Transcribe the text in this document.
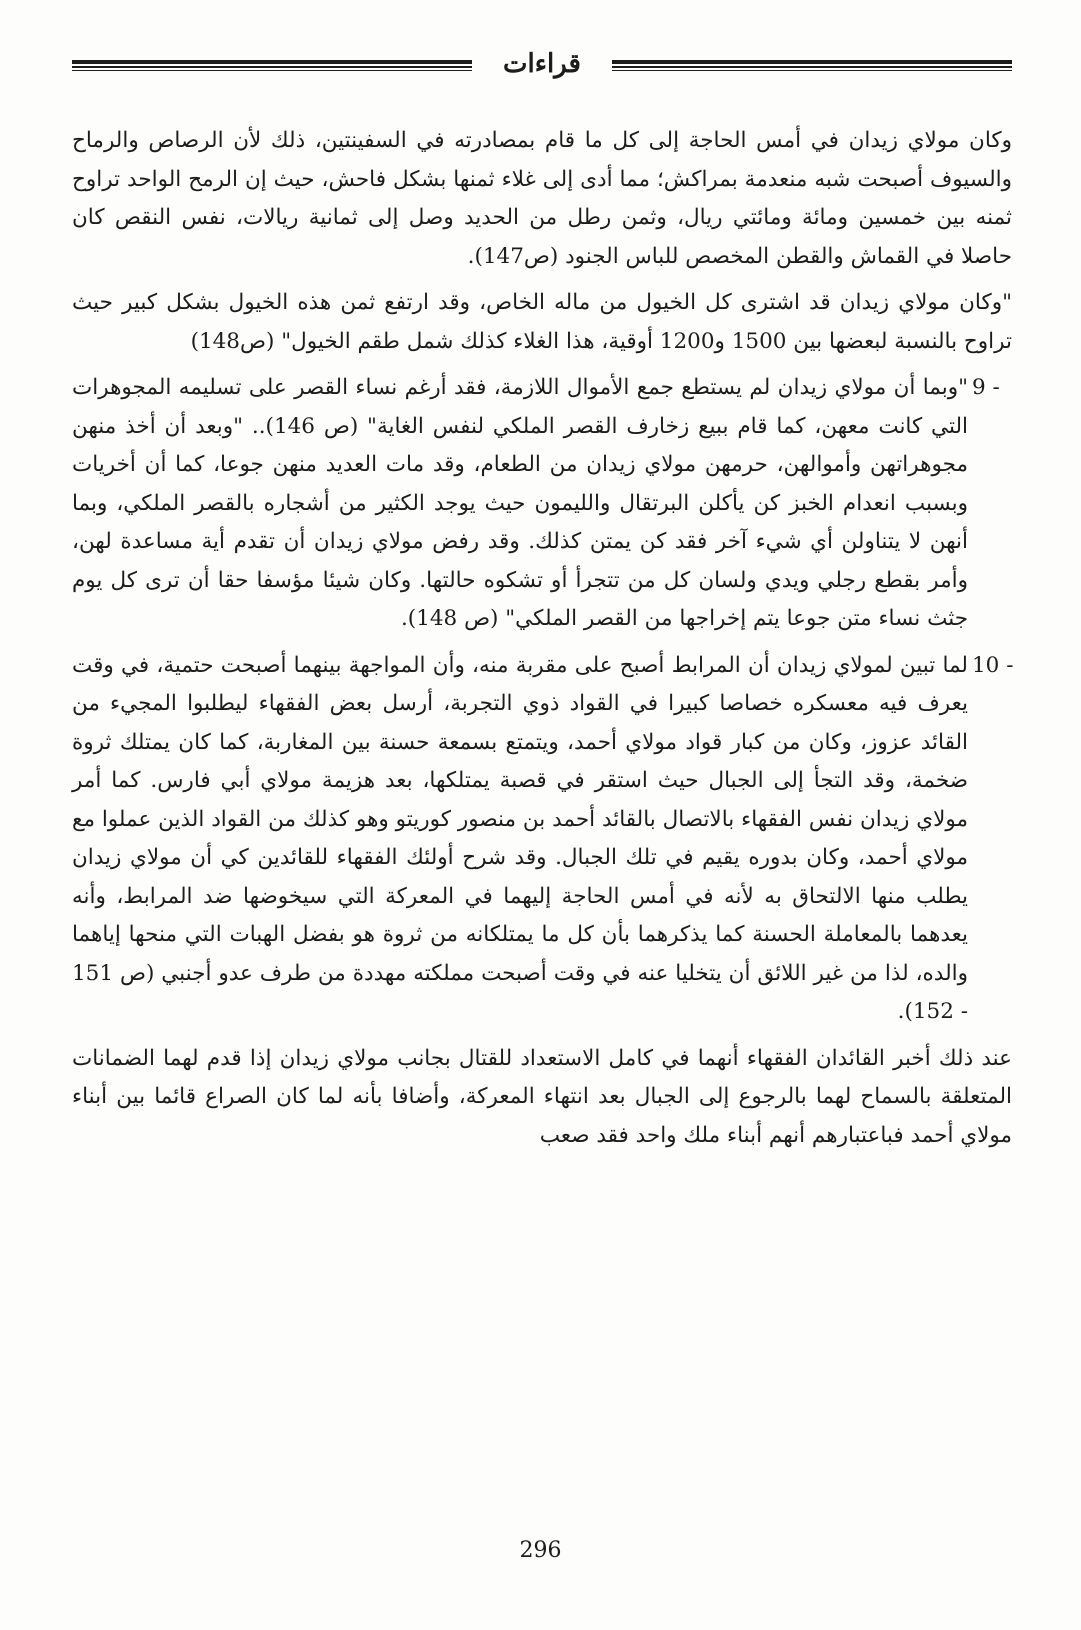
قراءات

وكان مولاي زيدان في أمس الحاجة إلى كل ما قام بمصادرته في السفينتين، ذلك لأن الرصاص والرماح والسيوف أصبحت شبه منعدمة بمراكش؛ مما أدى إلى غلاء ثمنها بشكل فاحش، حيث إن الرمح الواحد تراوح ثمنه بين خمسين ومائة ومائتي ريال، وثمن رطل من الحديد وصل إلى ثمانية ريالات، نفس النقص كان حاصلا في القماش والقطن المخصص للباس الجنود (ص147).

"وكان مولاي زيدان قد اشترى كل الخيول من ماله الخاص، وقد ارتفع ثمن هذه الخيول بشكل كبير حيث تراوح بالنسبة لبعضها بين 1500 و1200 أوقية، هذا الغلاء كذلك شمل طقم الخيول" (ص148)

9 -
"وبما أن مولاي زيدان لم يستطع جمع الأموال اللازمة، فقد أرغم نساء القصر على تسليمه المجوهرات التي كانت معهن، كما قام ببيع زخارف القصر الملكي لنفس الغاية" (ص 146).. "وبعد أن أخذ منهن مجوهراتهن وأموالهن، حرمهن مولاي زيدان من الطعام، وقد مات العديد منهن جوعا، كما أن أخريات وبسبب انعدام الخبز كن يأكلن البرتقال والليمون حيث يوجد الكثير من أشجاره بالقصر الملكي، وبما أنهن لا يتناولن أي شيء آخر فقد كن يمتن كذلك. وقد رفض مولاي زيدان أن تقدم أية مساعدة لهن، وأمر بقطع رجلي ويدي ولسان كل من تتجرأ أو تشكوه حالتها. وكان شيئا مؤسفا حقا أن ترى كل يوم جثث نساء متن جوعا يتم إخراجها من القصر الملكي" (ص 148).
10 -
لما تبين لمولاي زيدان أن المرابط أصبح على مقربة منه، وأن المواجهة بينهما أصبحت حتمية، في وقت يعرف فيه معسكره خصاصا كبيرا في القواد ذوي التجربة، أرسل بعض الفقهاء ليطلبوا المجيء من القائد عزوز، وكان من كبار قواد مولاي أحمد، ويتمتع بسمعة حسنة بين المغاربة، كما كان يمتلك ثروة ضخمة، وقد التجأ إلى الجبال حيث استقر في قصبة يمتلكها، بعد هزيمة مولاي أبي فارس. كما أمر مولاي زيدان نفس الفقهاء بالاتصال بالقائد أحمد بن منصور كوريتو وهو كذلك من القواد الذين عملوا مع مولاي أحمد، وكان بدوره يقيم في تلك الجبال. وقد شرح أولئك الفقهاء للقائدين كي أن مولاي زيدان يطلب منها الالتحاق به لأنه في أمس الحاجة إليهما في المعركة التي سيخوضها ضد المرابط، وأنه يعدهما بالمعاملة الحسنة كما يذكرهما بأن كل ما يمتلكانه من ثروة هو بفضل الهبات التي منحها إياهما والده، لذا من غير اللائق أن يتخليا عنه في وقت أصبحت مملكته مهددة من طرف عدو أجنبي (ص 151 - 152).

عند ذلك أخبر القائدان الفقهاء أنهما في كامل الاستعداد للقتال بجانب مولاي زيدان إذا قدم لهما الضمانات المتعلقة بالسماح لهما بالرجوع إلى الجبال بعد انتهاء المعركة، وأضافا بأنه لما كان الصراع قائما بين أبناء مولاي أحمد فباعتبارهم أنهم أبناء ملك واحد فقد صعب

296
